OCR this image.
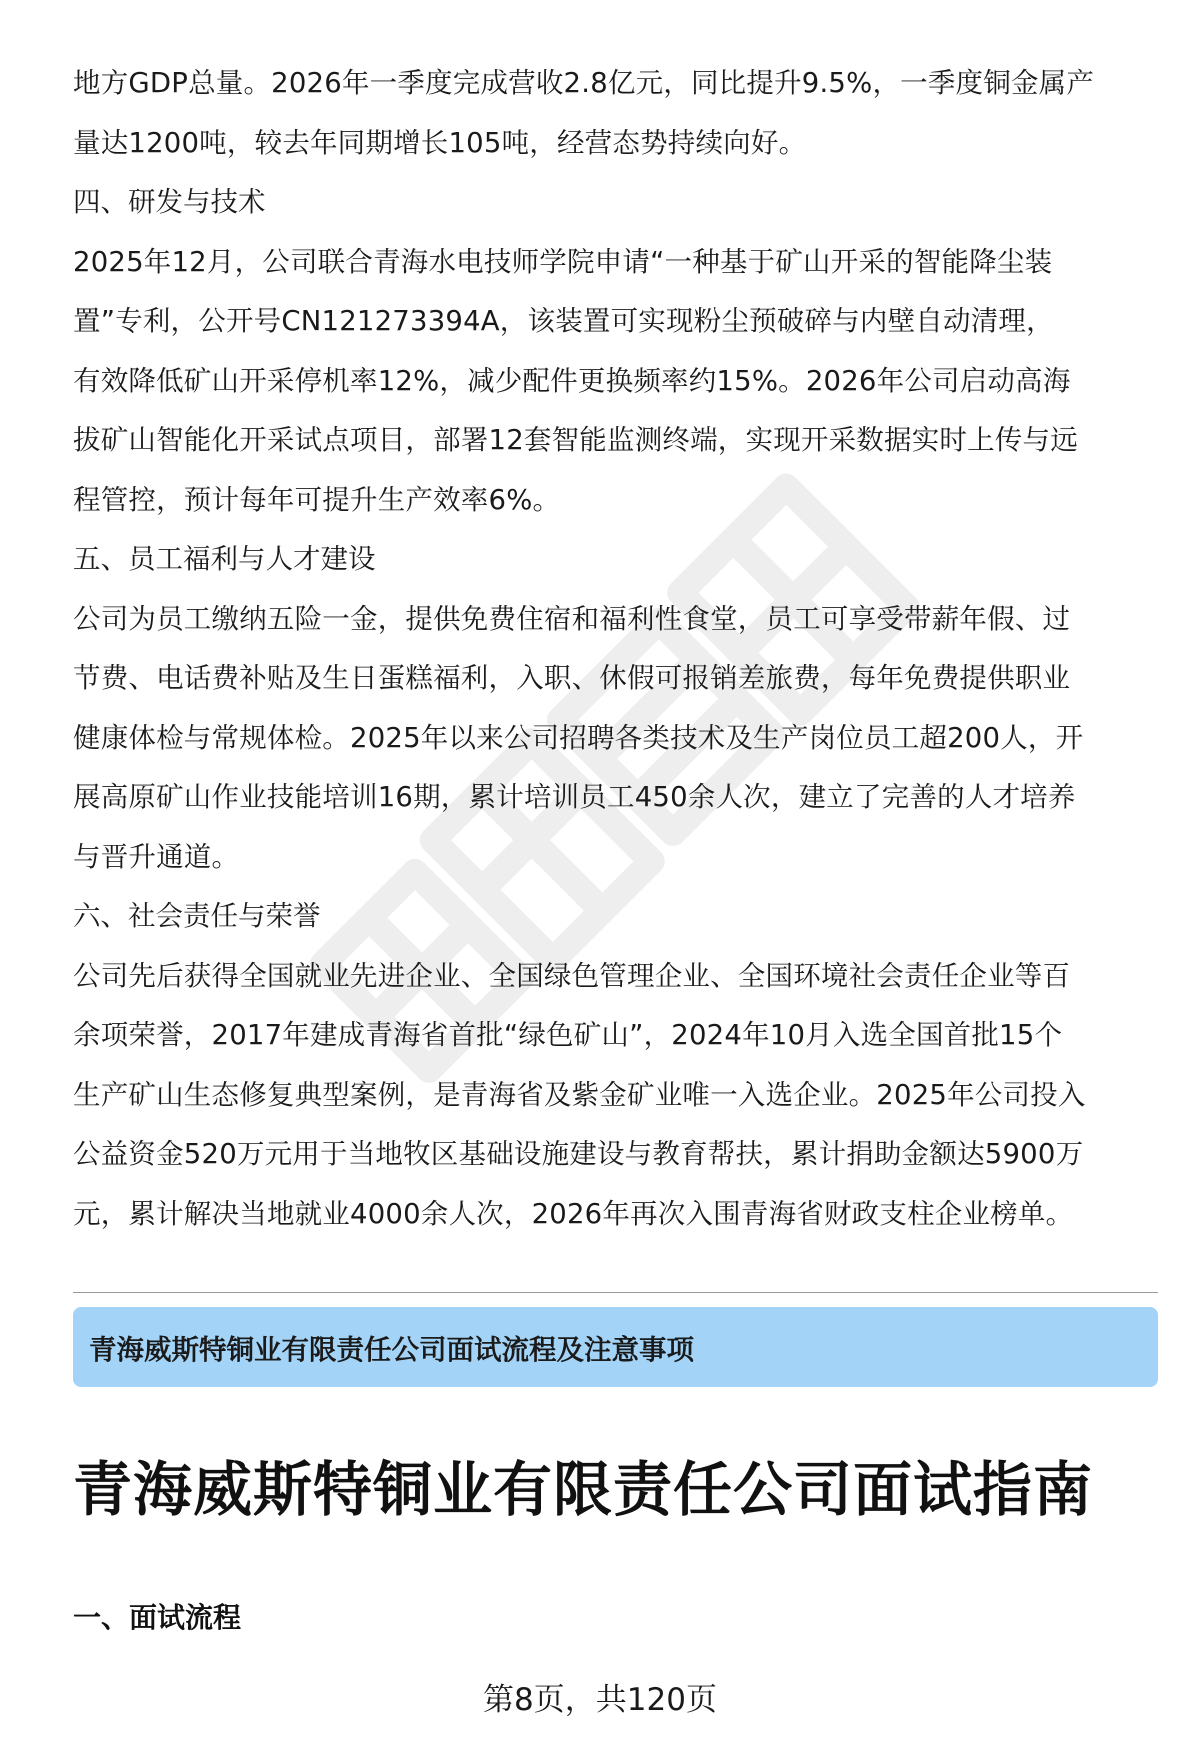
地方GDP总量。2026年一季度完成营收2.8亿元，同比提升9.5%，一季度铜金属产
量达1200吨，较去年同期增长105吨，经营态势持续向好。
四、研发与技术
2025年12月，公司联合青海水电技师学院申请“一种基于矿山开采的智能降尘装
置”专利，公开号CN121273394A，该装置可实现粉尘预破碎与内壁自动清理，
有效降低矿山开采停机率12%，减少配件更换频率约15%。2026年公司启动高海
拔矿山智能化开采试点项目，部署12套智能监测终端，实现开采数据实时上传与远
程管控，预计每年可提升生产效率6%。
五、员工福利与人才建设
公司为员工缴纳五险一金，提供免费住宿和福利性食堂，员工可享受带薪年假、过
节费、电话费补贴及生日蛋糕福利，入职、休假可报销差旅费，每年免费提供职业
健康体检与常规体检。2025年以来公司招聘各类技术及生产岗位员工超200人，开
展高原矿山作业技能培训16期，累计培训员工450余人次，建立了完善的人才培养
与晋升通道。
六、社会责任与荣誉
公司先后获得全国就业先进企业、全国绿色管理企业、全国环境社会责任企业等百
余项荣誉，2017年建成青海省首批“绿色矿山”，2024年10月入选全国首批15个
生产矿山生态修复典型案例，是青海省及紫金矿业唯一入选企业。2025年公司投入
公益资金520万元用于当地牧区基础设施建设与教育帮扶，累计捐助金额达5900万
元，累计解决当地就业4000余人次，2026年再次入围青海省财政支柱企业榜单。
青海威斯特铜业有限责任公司面试流程及注意事项
青海威斯特铜业有限责任公司面试指南
一、面试流程
第8页，共120页
